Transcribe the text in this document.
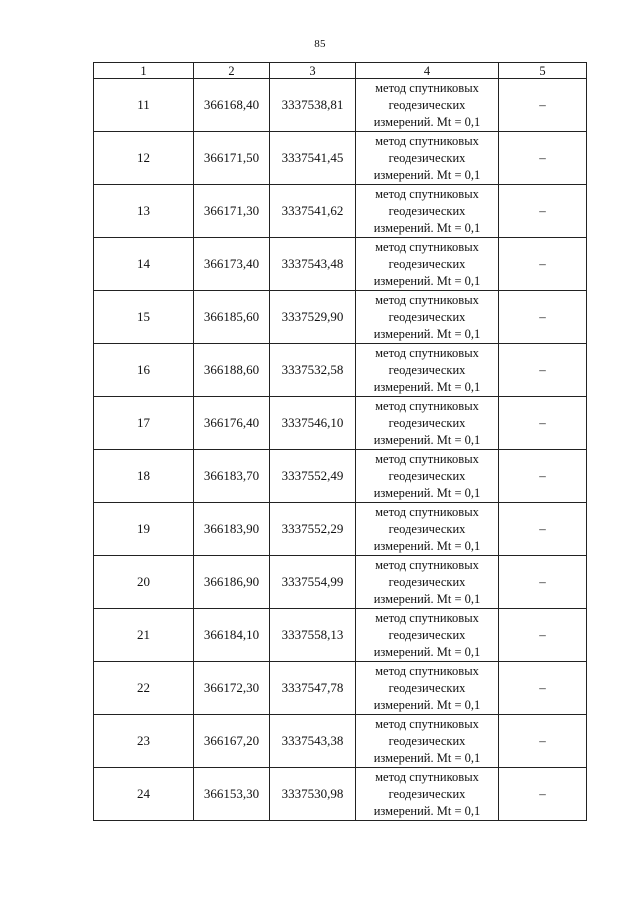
85
1	2	3	4	5
11	366168,40	3337538,81	метод спутниковых
геодезических
измерений. Mt = 0,1	–
12	366171,50	3337541,45	метод спутниковых
геодезических
измерений. Mt = 0,1	–
13	366171,30	3337541,62	метод спутниковых
геодезических
измерений. Mt = 0,1	–
14	366173,40	3337543,48	метод спутниковых
геодезических
измерений. Mt = 0,1	–
15	366185,60	3337529,90	метод спутниковых
геодезических
измерений. Mt = 0,1	–
16	366188,60	3337532,58	метод спутниковых
геодезических
измерений. Mt = 0,1	–
17	366176,40	3337546,10	метод спутниковых
геодезических
измерений. Mt = 0,1	–
18	366183,70	3337552,49	метод спутниковых
геодезических
измерений. Mt = 0,1	–
19	366183,90	3337552,29	метод спутниковых
геодезических
измерений. Mt = 0,1	–
20	366186,90	3337554,99	метод спутниковых
геодезических
измерений. Mt = 0,1	–
21	366184,10	3337558,13	метод спутниковых
геодезических
измерений. Mt = 0,1	–
22	366172,30	3337547,78	метод спутниковых
геодезических
измерений. Mt = 0,1	–
23	366167,20	3337543,38	метод спутниковых
геодезических
измерений. Mt = 0,1	–
24	366153,30	3337530,98	метод спутниковых
геодезических
измерений. Mt = 0,1	–
